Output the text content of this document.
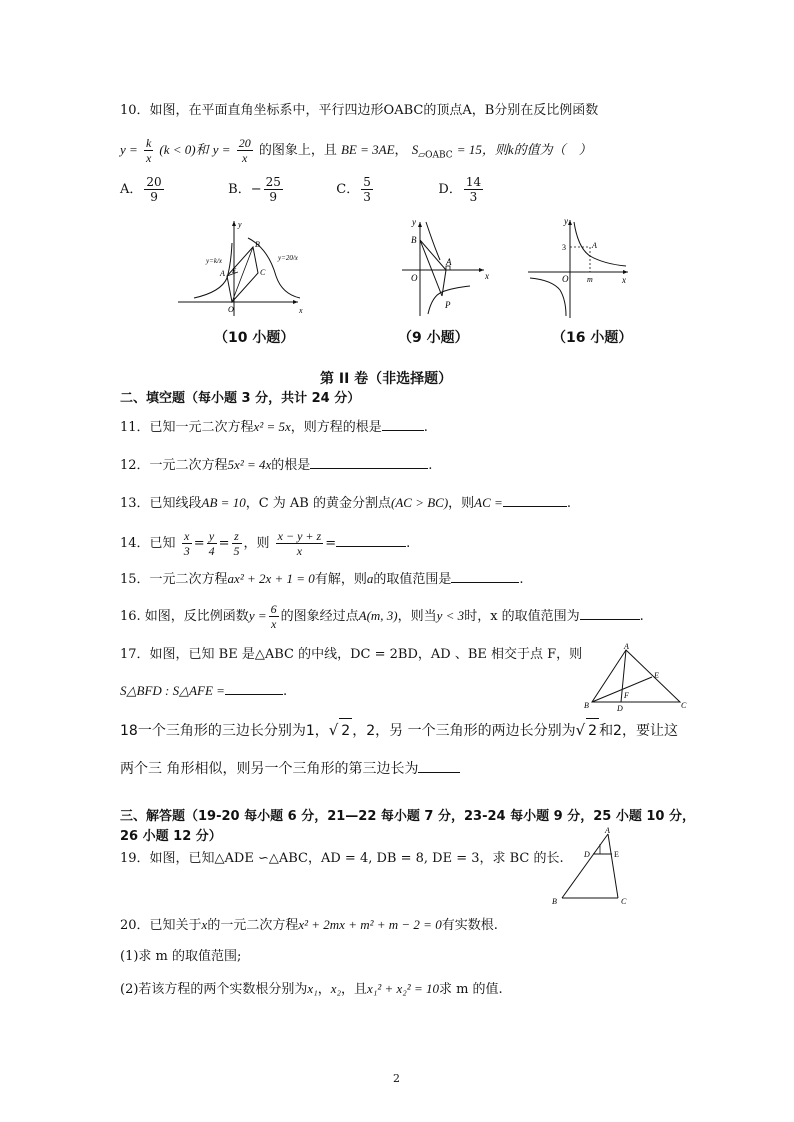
10．如图，在平面直角坐标系中，平行四边形OABC的顶点A，B分别在反比例函数
$y = \frac{k}{x} (k < 0)$和 $y = \frac{20}{x}$ 的图象上，且 BE = 3AE， $S_{▱OABC} = 15$，则k的值为（　）
A． $\frac{20}{9}$	B．− $\frac{25}{9}$	C． $\frac{5}{3}$	D． $\frac{14}{3}$
y
x
O
A
B
C
E
y=k/x	y=20/x
y
x
O
B
A
P
y
x
O
3	A
m
（10 小题）	（9 小题）	（16 小题）
第 II 卷（非选择题）
二、填空题（每小题 3 分，共计 24 分）
11．已知一元二次方程x² = 5x，则方程的根是	.
12．一元二次方程5x² = 4x的根是	.
13．已知线段AB = 10，C 为 AB 的黄金分割点(AC > BC)，则AC =	.
14．已知 $\frac{x}{3} = \frac{y}{4} = \frac{z}{5}$ ，则 $\frac{x - y + z}{x}$ =	.
15．一元二次方程ax² + 2x + 1 = 0有解，则a的取值范围是	.
16. 如图，反比例函数$y = \frac{6}{x}$ 的图象经过点A(m, 3)，则当y < 3时，x 的取值范围为	.
17．如图，已知 BE 是△ABC 的中线，DC = 2BD，AD 、BE 相交于点 F，则
S△BFD : S△AFE =	.
A
B	C
E
F
D
18一个三角形的三边长分别为1，√ 2 ，2，另 一个三角形的两边长分别为√ 2 和2，要让这
两个三 角形相似，则另一个三角形的第三边长为
三、解答题（19-20 每小题 6 分，21—22 每小题 7 分，23-24 每小题 9 分，25 小题 10 分，
26 小题 12 分）
19．如图，已知△ADE ∽△ABC，AD = 4, DB = 8, DE = 3，求 BC 的长.
A
D	E
B	C
20．已知关于x的一元二次方程x² + 2mx + m² + m − 2 = 0有实数根.
(1)求 m 的取值范围;
(2)若该方程的两个实数根分别为x₁，x₂，且x₁² + x₂² = 10求 m 的值.
2
